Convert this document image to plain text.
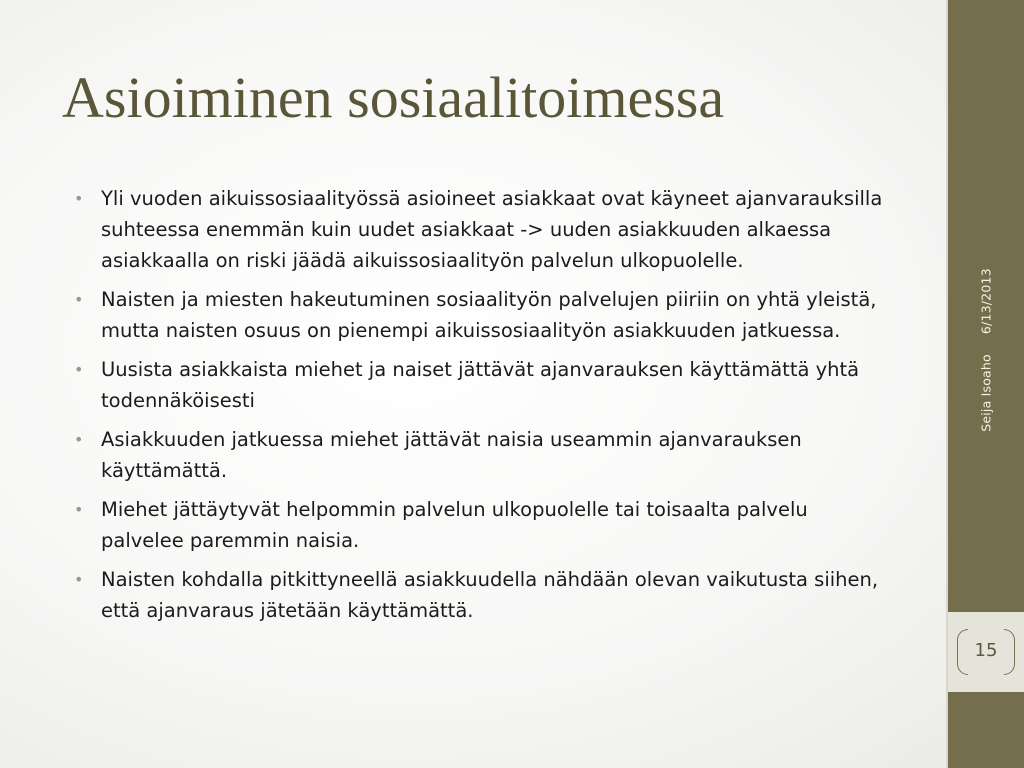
Asioiminen sosiaalitoimessa
• Yli vuoden aikuissosiaalityössä asioineet asiakkaat ovat käyneet ajanvarauksilla suhteessa enemmän kuin uudet asiakkaat -> uuden asiakkuuden alkaessa asiakkaalla on riski jäädä aikuissosiaalityön palvelun ulkopuolelle.
• Naisten ja miesten hakeutuminen sosiaalityön palvelujen piiriin on yhtä yleistä, mutta naisten osuus on pienempi aikuissosiaalityön asiakkuuden jatkuessa.
• Uusista asiakkaista miehet ja naiset jättävät ajanvarauksen käyttämättä yhtä todennäköisesti
• Asiakkuuden jatkuessa miehet jättävät naisia useammin ajanvarauksen käyttämättä.
• Miehet jättäytyvät helpommin palvelun ulkopuolelle tai toisaalta palvelu palvelee paremmin naisia.
• Naisten kohdalla pitkittyneellä asiakkuudella nähdään olevan vaikutusta siihen, että ajanvaraus jätetään käyttämättä.
Seija Isoaho6/13/2013
15
